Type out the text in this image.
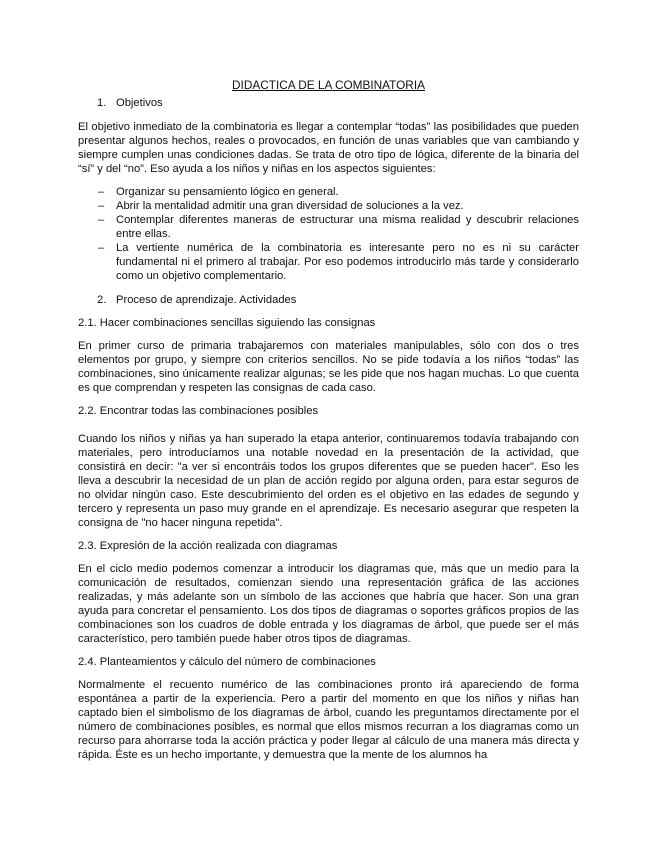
DIDACTICA DE LA COMBINATORIA
1. Objetivos

El objetivo inmediato de la combinatoria es llegar a contemplar “todas” las posibilidades que pueden presentar algunos hechos, reales o provocados, en función de unas variables que van cambiando y siempre cumplen unas condiciones dadas. Se trata de otro tipo de lógica, diferente de la binaria del “sí” y del “no”. Eso ayuda a los niños y niñas en los aspectos siguientes:

– Organizar su pensamiento lógico en general.
– Abrir la mentalidad admitir una gran diversidad de soluciones a la vez.
– Contemplar diferentes maneras de estructurar una misma realidad y descubrir relaciones entre ellas.
– La vertiente numérica de la combinatoria es interesante pero no es ni su carácter fundamental ni el primero al trabajar. Por eso podemos introducirlo más tarde y considerarlo como un objetivo complementario.
2. Proceso de aprendizaje. Actividades
2.1. Hacer combinaciones sencillas siguiendo las consignas

En primer curso de primaria trabajaremos con materiales manipulables, sólo con dos o tres elementos por grupo, y siempre con criterios sencillos. No se pide todavía a los niños “todas” las combinaciones, sino únicamente realizar algunas; se les pide que nos hagan muchas. Lo que cuenta es que comprendan y respeten las consignas de cada caso.

2.2. Encontrar todas las combinaciones posibles

Cuando los niños y niñas ya han superado la etapa anterior, continuaremos todavía trabajando con materiales, pero introducíamos una notable novedad en la presentación de la actividad, que consistirá en decir: "a ver si encontráis todos los grupos diferentes que se pueden hacer". Eso les lleva a descubrir la necesidad de un plan de acción regido por alguna orden, para estar seguros de no olvidar ningún caso. Este descubrimiento del orden es el objetivo en las edades de segundo y tercero y representa un paso muy grande en el aprendizaje. Es necesario asegurar que respeten la consigna de "no hacer ninguna repetida".

2.3. Expresión de la acción realizada con diagramas

En el ciclo medio podemos comenzar a introducir los diagramas que, más que un medio para la comunicación de resultados, comienzan siendo una representación gráfica de las acciones realizadas, y más adelante son un símbolo de las acciones que habría que hacer. Son una gran ayuda para concretar el pensamiento. Los dos tipos de diagramas o soportes gráficos propios de las combinaciones son los cuadros de doble entrada y los diagramas de árbol, que puede ser el más característico, pero también puede haber otros tipos de diagramas.

2.4. Planteamientos y cálculo del número de combinaciones

Normalmente el recuento numérico de las combinaciones pronto irá apareciendo de forma espontánea a partir de la experiencia. Pero a partir del momento en que los niños y niñas han captado bien el simbolismo de los diagramas de árbol, cuando les preguntamos directamente por el número de combinaciones posibles, es normal que ellos mismos recurran a los diagramas como un recurso para ahorrarse toda la acción práctica y poder llegar al cálculo de una manera más directa y rápida. Éste es un hecho importante, y demuestra que la mente de los alumnos ha
